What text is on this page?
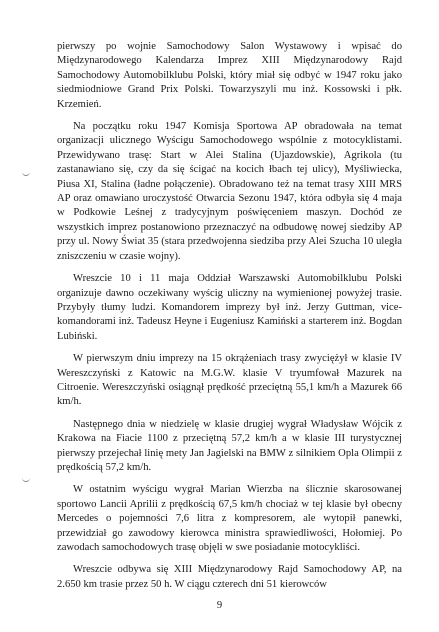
pierwszy po wojnie Samochodowy Salon Wystawowy i wpisać do Międzynarodowego Kalendarza Imprez XIII Międzynarodowy Rajd Samochodowy Automobilklubu Polski, który miał się odbyć w 1947 roku jako siedmiodniowe Grand Prix Polski. Towarzyszyli mu inż. Kossowski i płk. Krzemień.

Na początku roku 1947 Komisja Sportowa AP obradowała na temat organizacji ulicznego Wyścigu Samochodowego wspólnie z motocyklistami. Przewidywano trasę: Start w Alei Stalina (Ujazdowskie), Agrikola (tu zastanawiano się, czy da się ścigać na kocich łbach tej ulicy), Myśliwiecka, Piusa XI, Stalina (ładne połączenie). Obradowano też na temat trasy XIII MRS AP oraz omawiano uroczystość Otwarcia Sezonu 1947, która odbyła się 4 maja w Podkowie Leśnej z tradycyjnym poświęceniem maszyn. Dochód ze wszystkich imprez postanowiono przeznaczyć na odbudowę nowej siedziby AP przy ul. Nowy Świat 35 (stara przedwojenna siedziba przy Alei Szucha 10 uległa zniszczeniu w czasie wojny).

Wreszcie 10 i 11 maja Oddział Warszawski Automobilklubu Polski organizuje dawno oczekiwany wyścig uliczny na wymienionej powyżej trasie. Przybyły tłumy ludzi. Komandorem imprezy był inż. Jerzy Guttman, vice-komandorami inż. Tadeusz Heyne i Eugeniusz Kamiński a starterem inż. Bogdan Lubiński.

W pierwszym dniu imprezy na 15 okrążeniach trasy zwyciężył w klasie IV Wereszczyński z Katowic na M.G.W. klasie V tryumfował Mazurek na Citroenie. Wereszczyński osiągnął prędkość przeciętną 55,1 km/h a Mazurek 66 km/h.

Następnego dnia w niedzielę w klasie drugiej wygrał Władysław Wójcik z Krakowa na Fiacie 1100 z przeciętną 57,2 km/h a w klasie III turystycznej pierwszy przejechał linię mety Jan Jagielski na BMW z silnikiem Opla Olimpii z prędkością 57,2 km/h.

W ostatnim wyścigu wygrał Marian Wierzba na ślicznie skarosowanej sportowo Lancii Aprilii z prędkością 67,5 km/h chociaż w tej klasie był obecny Mercedes o pojemności 7,6 litra z kompresorem, ale wytopił panewki, przewidział go zawodowy kierowca ministra sprawiedliwości, Hołomiej. Po zawodach samochodowych trasę objęli w swe posiadanie motocykliści.

Wreszcie odbywa się XIII Międzynarodowy Rajd Samochodowy AP, na 2.650 km trasie przez 50 h. W ciągu czterech dni 51 kierowców

9
